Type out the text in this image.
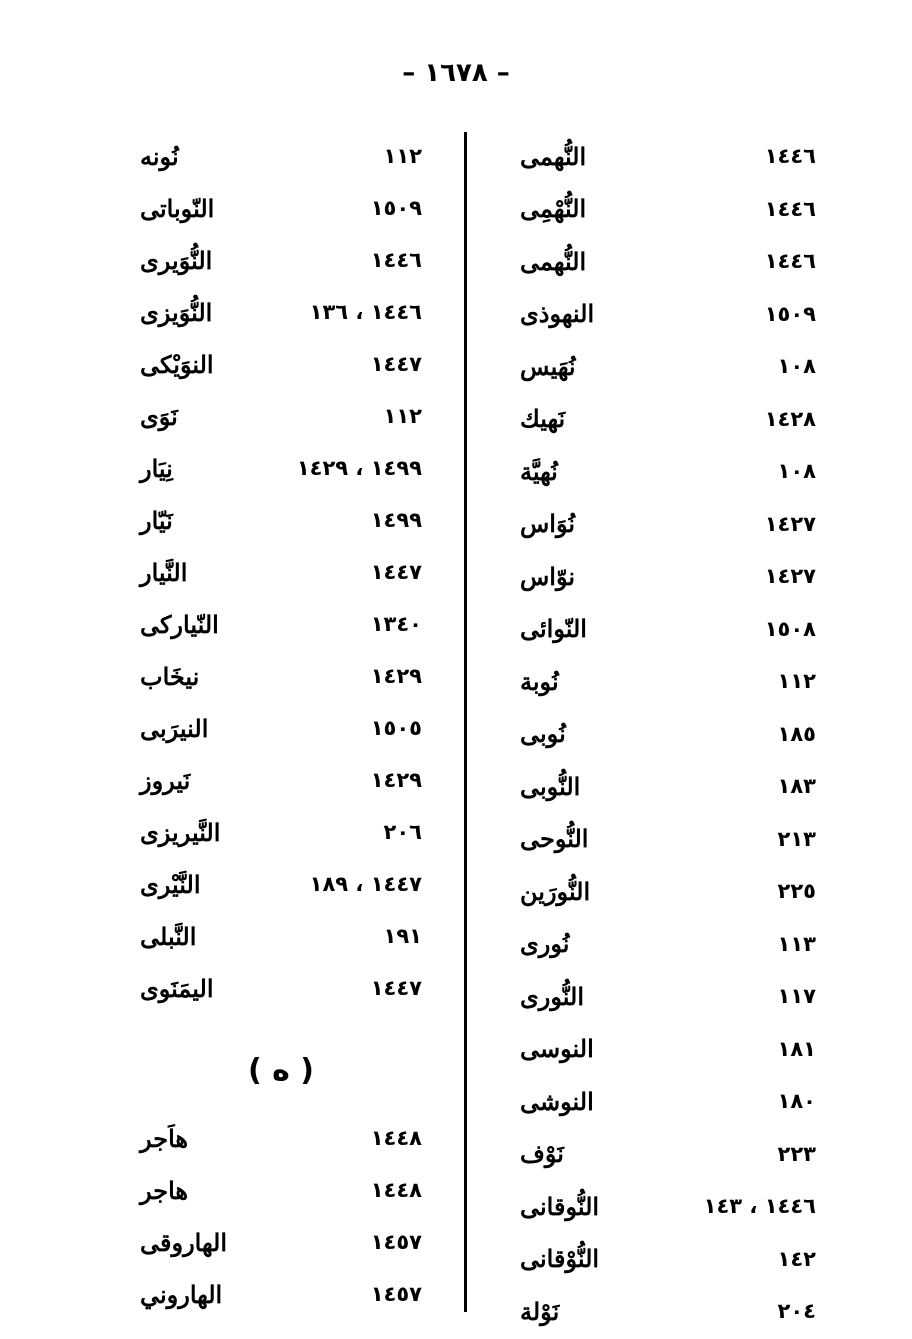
– ١٦٧٨ –
النُّهمى	١٤٤٦
النُّهْمِى	١٤٤٦
النُّهمى	١٤٤٦
النهوذى	١٥٠٩
نُهَيس	١٠٨
نَهيك	١٤٢٨
نُهيَّة	١٠٨
نُوَاس	١٤٢٧
نوّاس	١٤٢٧
النّوائى	١٥٠٨
نُوبة	١١٢
نُوبى	١٨٥
النُّوبى	١٨٣
النُّوحى	٢١٣
النُّورَين	٢٢٥
نُورى	١١٣
النُّورى	١١٧
النوسى	١٨١
النوشى	١٨٠
نَوْف	٢٢٣
النُّوقانى	١٤٤٦ ، ١٤٣
النُّوْقانى	١٤٢
نَوْلة	٢٠٤
نُونه	١١٢
النّوباتى	١٥٠٩
النُّوَيرى	١٤٤٦
النُّوَيزى	١٤٤٦ ، ١٣٦
النوَيْكى	١٤٤٧
نَوَى	١١٢
نِيَار	١٤٩٩ ، ١٤٢٩
نَيّار	١٤٩٩
النَّيار	١٤٤٧
النّياركى	١٣٤٠
نيخَاب	١٤٢٩
النيرَبى	١٥٠٥
نَيروز	١٤٢٩
النَّيريزى	٢٠٦
النَّيْرى	١٤٤٧ ، ١٨٩
النَّبلى	١٩١
اليمَنَوى	١٤٤٧
( ه )
هاَجر	١٤٤٨
هاجر	١٤٤٨
الهاروقى	١٤٥٧
الهاروني	١٤٥٧
